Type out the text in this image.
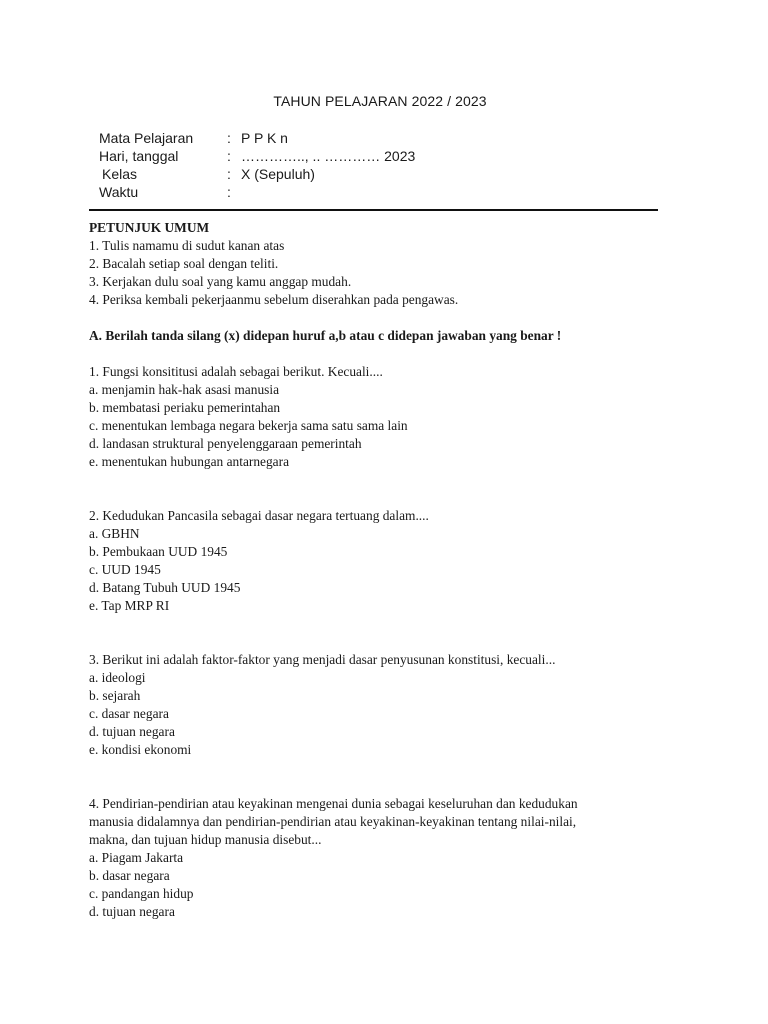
TAHUN PELAJARAN 2022 / 2023
Mata Pelajaran : P P K n
Hari, tanggal	: ………….., .. ………… 2023
Kelas	: X (Sepuluh)
Waktu	:
PETUNJUK UMUM
1. Tulis namamu di sudut kanan atas
2. Bacalah setiap soal dengan teliti.
3. Kerjakan dulu soal yang kamu anggap mudah.
4. Periksa kembali pekerjaanmu sebelum diserahkan pada pengawas.
A. Berilah tanda silang (x) didepan huruf a,b atau c didepan jawaban yang benar !
1. Fungsi konsititusi adalah sebagai berikut. Kecuali....
a. menjamin hak-hak asasi manusia
b. membatasi periaku pemerintahan
c. menentukan lembaga negara bekerja sama satu sama lain
d. landasan struktural penyelenggaraan pemerintah
e. menentukan hubungan antarnegara
2. Kedudukan Pancasila sebagai dasar negara tertuang dalam....
a. GBHN
b. Pembukaan UUD 1945
c. UUD 1945
d. Batang Tubuh UUD 1945
e. Tap MRP RI
3. Berikut ini adalah faktor-faktor yang menjadi dasar penyusunan konstitusi, kecuali...
a. ideologi
b. sejarah
c. dasar negara
d. tujuan negara
e. kondisi ekonomi
4. Pendirian-pendirian atau keyakinan mengenai dunia sebagai keseluruhan dan kedudukan
manusia didalamnya dan pendirian-pendirian atau keyakinan-keyakinan tentang nilai-nilai,
makna, dan tujuan hidup manusia disebut...
a. Piagam Jakarta
b. dasar negara
c. pandangan hidup
d. tujuan negara
